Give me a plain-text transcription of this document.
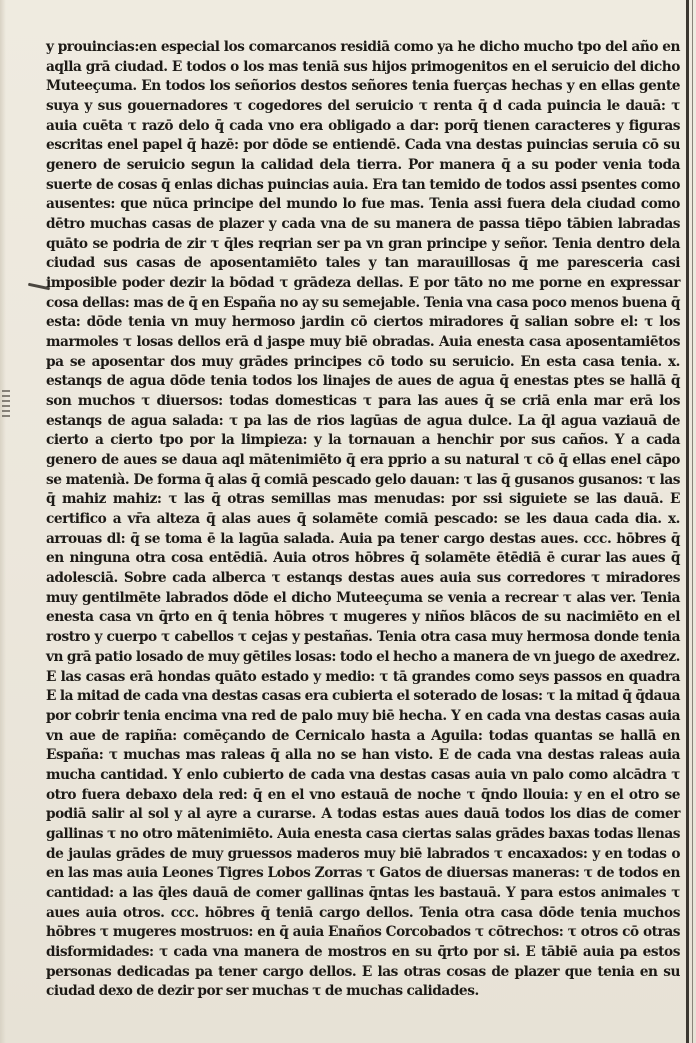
y prouincias:en especial los comarcanos residiā como ya he dicho mucho tpo del año en aqlla grā ciudad. E todos o los mas teniā sus hijos primogenitos en el seruicio del dicho Muteeçuma. En todos los señorios destos señores tenia fuerças hechas y en ellas gente suya y sus gouernadores τ cogedores del seruicio τ renta q̄ d cada puincia le dauā: τ auia cuēta τ razō delo q̄ cada vno era obligado a dar: porq̄ tienen caracteres y figuras escritas enel papel q̄ hazē: por dōde se entiendē. Cada vna destas puincias seruia cō su genero de seruicio segun la calidad dela tierra. Por manera q̄ a su poder venia toda suerte de cosas q̄ enlas dichas puincias auia. Era tan temido de todos assi psentes como ausentes: que nūca principe del mundo lo fue mas. Tenia assi fuera dela ciudad como dētro muchas casas de plazer y cada vna de su manera de passa tiēpo tābien labradas quāto se podria de zir τ q̄les reqrian ser pa vn gran principe y señor. Tenia dentro dela ciudad sus casas de aposentamiēto tales y tan marauillosas q̄ me paresceria casi imposible poder dezir la bōdad τ grādeza dellas. E por tāto no me porne en expressar cosa dellas: mas de q̄ en España no ay su semejable. Tenia vna casa poco menos buena q̄ esta: dōde tenia vn muy hermoso jardin cō ciertos miradores q̄ salian sobre el: τ los marmoles τ losas dellos erā d jaspe muy biē obradas. Auia enesta casa aposentamiētos pa se aposentar dos muy grādes principes cō todo su seruicio. En esta casa tenia. x. estanqs de agua dōde tenia todos los linajes de aues de agua q̄ enestas ptes se hallā q̄ son muchos τ diuersos: todas domesticas τ para las aues q̄ se criā enla mar erā los estanqs de agua salada: τ pa las de rios lagūas de agua dulce. La q̄l agua vaziauā de cierto a cierto tpo por la limpieza: y la tornauan a henchir por sus caños. Y a cada genero de aues se daua aql mātenimiēto q̄ era pprio a su natural τ cō q̄ ellas enel cāpo se matenià. De forma q̄ alas q̄ comiā pescado gelo dauan: τ las q̄ gusanos gusanos: τ las q̄ mahiz mahiz: τ las q̄ otras semillas mas menudas: por ssi siguiete se las dauā. E certifico a vr̄a alteza q̄ alas aues q̄ solamēte comiā pescado: se les daua cada dia. x. arrouas dl: q̄ se toma ē la lagūa salada. Auia pa tener cargo destas aues. ccc. hōbres q̄ en ninguna otra cosa entēdiā. Auia otros hōbres q̄ solamēte ētēdiā ē curar las aues q̄ adolesciā. Sobre cada alberca τ estanqs destas aues auia sus corredores τ miradores muy gentilmēte labrados dōde el dicho Muteeçuma se venia a recrear τ alas ver. Tenia enesta casa vn q̄rto en q̄ tenia hōbres τ mugeres y niños blācos de su nacimiēto en el rostro y cuerpo τ cabellos τ cejas y pestañas. Tenia otra casa muy hermosa donde tenia vn grā patio losado de muy gētiles losas: todo el hecho a manera de vn juego de axedrez. E las casas erā hondas quāto estado y medio: τ tā grandes como seys passos en quadra E la mitad de cada vna destas casas era cubierta el soterado de losas: τ la mitad q̄ q̄daua por cobrir tenia encima vna red de palo muy biē hecha. Y en cada vna destas casas auia vn aue de rapiña: comēçando de Cernicalo hasta a Aguila: todas quantas se hallā en España: τ muchas mas raleas q̄ alla no se han visto. E de cada vna destas raleas auia mucha cantidad. Y enlo cubierto de cada vna destas casas auia vn palo como alcādra τ otro fuera debaxo dela red: q̄ en el vno estauā de noche τ q̄ndo llouia: y en el otro se podiā salir al sol y al ayre a curarse. A todas estas aues dauā todos los dias de comer gallinas τ no otro mātenimiēto. Auia enesta casa ciertas salas grādes baxas todas llenas de jaulas grādes de muy gruessos maderos muy biē labrados τ encaxados: y en todas o en las mas auia Leones Tigres Lobos Zorras τ Gatos de diuersas maneras: τ de todos en cantidad: a las q̄les dauā de comer gallinas q̄ntas les bastauā. Y para estos animales τ aues auia otros. ccc. hōbres q̄ teniā cargo dellos. Tenia otra casa dōde tenia muchos hōbres τ mugeres mostruos: en q̄ auia Enaños Corcobados τ cōtrechos: τ otros cō otras disformidades: τ cada vna manera de mostros en su q̄rto por si. E tābiē auia pa estos personas dedicadas pa tener cargo dellos. E las otras cosas de plazer que tenia en su ciudad dexo de dezir por ser muchas τ de muchas calidades.
